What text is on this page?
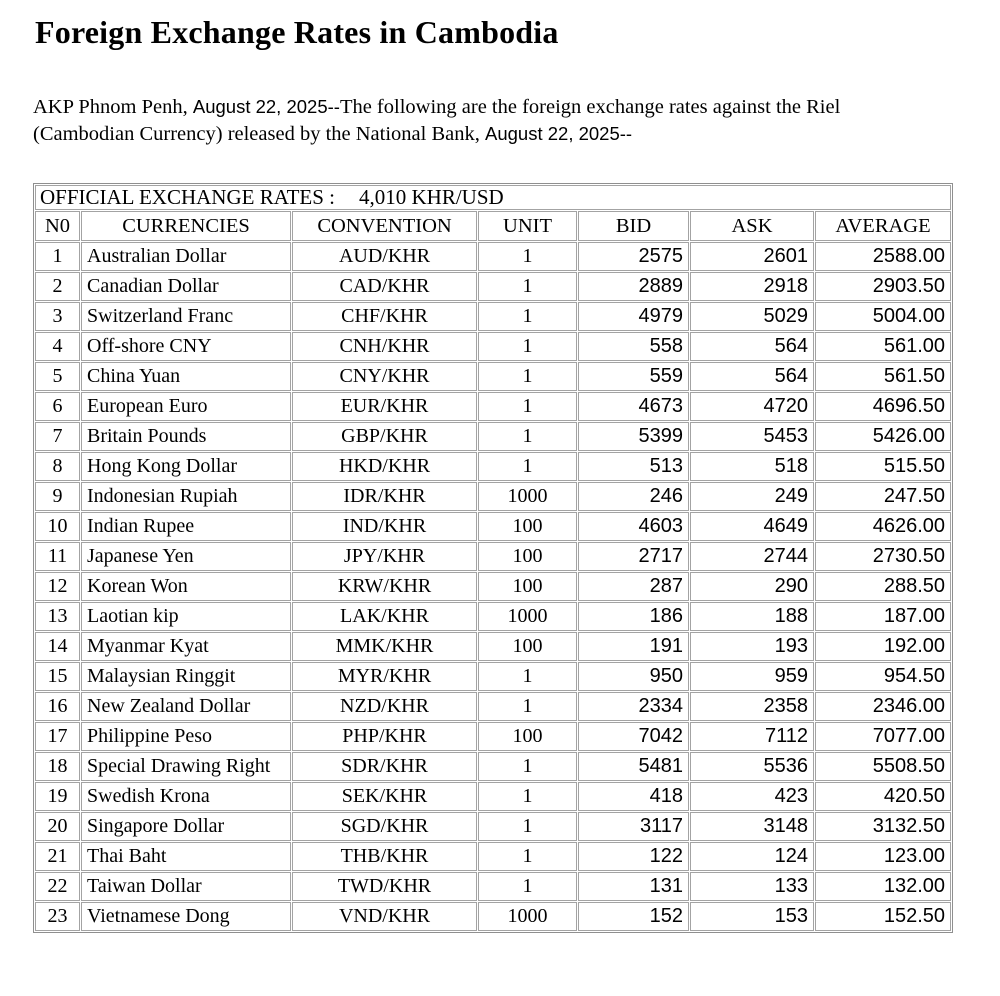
Foreign Exchange Rates in Cambodia

AKP Phnom Penh, August 22, 2025--The following are the foreign exchange rates against the Riel
(Cambodian Currency) released by the National Bank, August 22, 2025--

OFFICIAL EXCHANGE RATES : 4,010 KHR/USD						
N0	CURRENCIES	CONVENTION	UNIT	BID	ASK	AVERAGE
1	Australian Dollar	AUD/KHR	1	2575	2601	2588.00
2	Canadian Dollar	CAD/KHR	1	2889	2918	2903.50
3	Switzerland Franc	CHF/KHR	1	4979	5029	5004.00
4	Off-shore CNY	CNH/KHR	1	558	564	561.00
5	China Yuan	CNY/KHR	1	559	564	561.50
6	European Euro	EUR/KHR	1	4673	4720	4696.50
7	Britain Pounds	GBP/KHR	1	5399	5453	5426.00
8	Hong Kong Dollar	HKD/KHR	1	513	518	515.50
9	Indonesian Rupiah	IDR/KHR	1000	246	249	247.50
10	Indian Rupee	IND/KHR	100	4603	4649	4626.00
11	Japanese Yen	JPY/KHR	100	2717	2744	2730.50
12	Korean Won	KRW/KHR	100	287	290	288.50
13	Laotian kip	LAK/KHR	1000	186	188	187.00
14	Myanmar Kyat	MMK/KHR	100	191	193	192.00
15	Malaysian Ringgit	MYR/KHR	1	950	959	954.50
16	New Zealand Dollar	NZD/KHR	1	2334	2358	2346.00
17	Philippine Peso	PHP/KHR	100	7042	7112	7077.00
18	Special Drawing Right	SDR/KHR	1	5481	5536	5508.50
19	Swedish Krona	SEK/KHR	1	418	423	420.50
20	Singapore Dollar	SGD/KHR	1	3117	3148	3132.50
21	Thai Baht	THB/KHR	1	122	124	123.00
22	Taiwan Dollar	TWD/KHR	1	131	133	132.00
23	Vietnamese Dong	VND/KHR	1000	152	153	152.50
